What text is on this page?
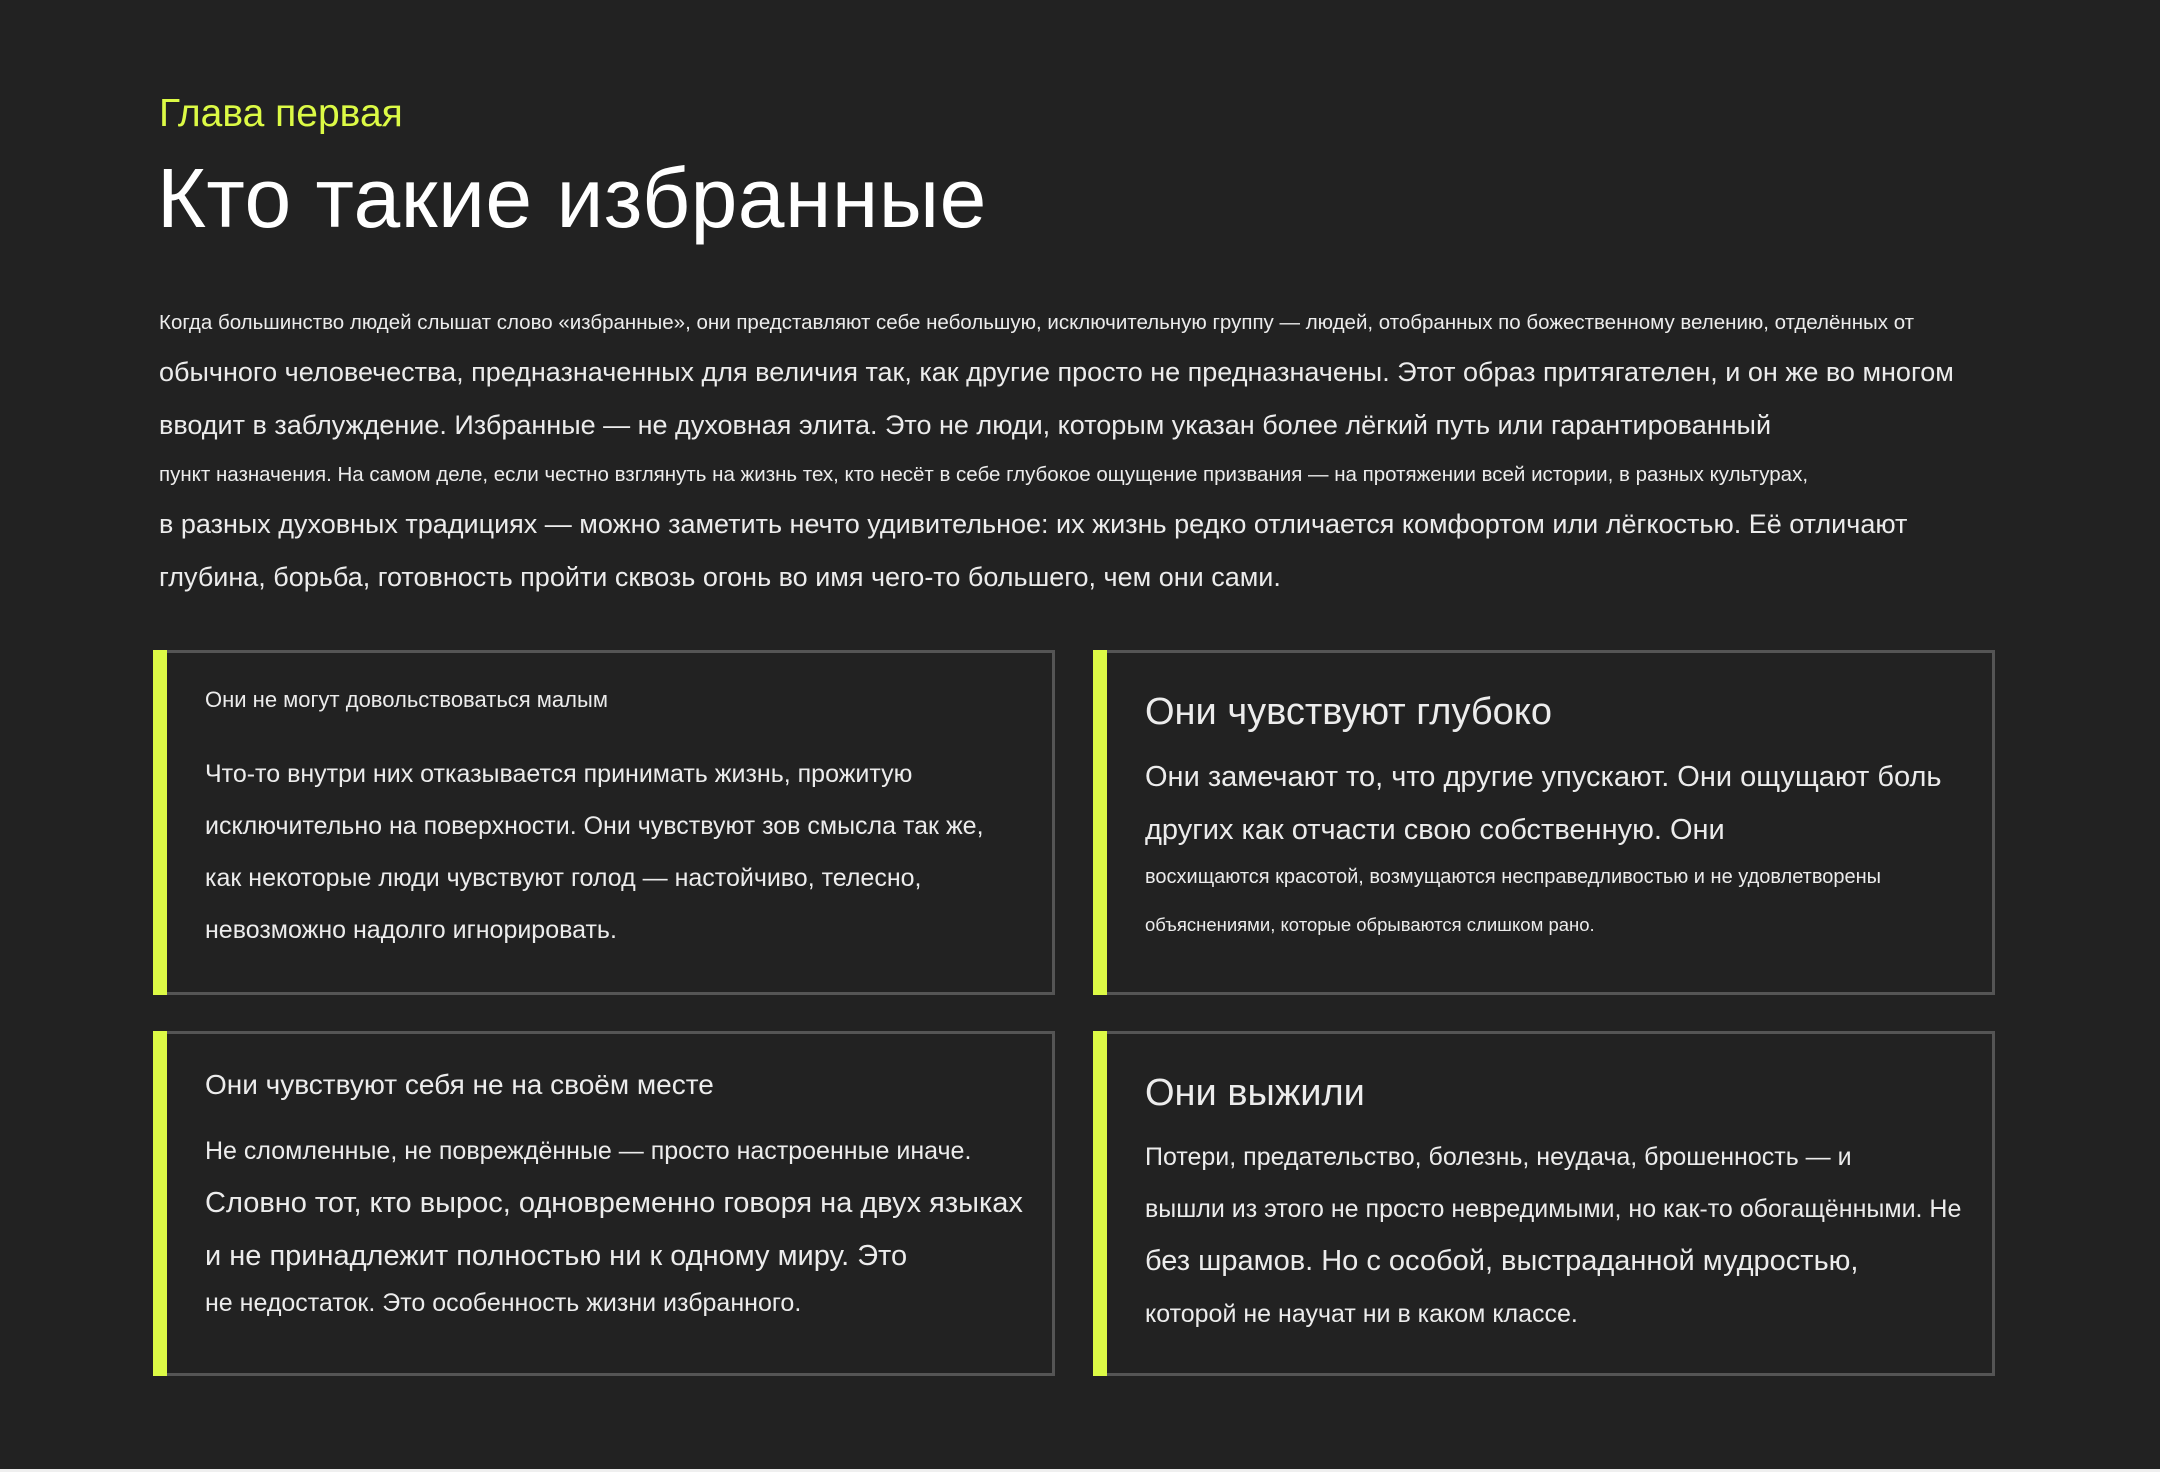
Глава первая
Кто такие избранные
Когда большинство людей слышат слово «избранные», они представляют себе небольшую, исключительную группу — людей, отобранных по божественному велению, отделённых от
обычного человечества, предназначенных для величия так, как другие просто не предназначены. Этот образ притягателен, и он же во многом
вводит в заблуждение. Избранные — не духовная элита. Это не люди, которым указан более лёгкий путь или гарантированный
пункт назначения. На самом деле, если честно взглянуть на жизнь тех, кто несёт в себе глубокое ощущение призвания — на протяжении всей истории, в разных культурах,
в разных духовных традициях — можно заметить нечто удивительное: их жизнь редко отличается комфортом или лёгкостью. Её отличают
глубина, борьба, готовность пройти сквозь огонь во имя чего-то большего, чем они сами.
Они не могут довольствоваться малым
Что-то внутри них отказывается принимать жизнь, прожитую
исключительно на поверхности. Они чувствуют зов смысла так же,
как некоторые люди чувствуют голод — настойчиво, телесно,
невозможно надолго игнорировать.
Они чувствуют глубоко
Они замечают то, что другие упускают. Они ощущают боль
других как отчасти свою собственную. Они
восхищаются красотой, возмущаются несправедливостью и не удовлетворены
объяснениями, которые обрываются слишком рано.
Они чувствуют себя не на своём месте
Не сломленные, не повреждённые — просто настроенные иначе.
Словно тот, кто вырос, одновременно говоря на двух языках
и не принадлежит полностью ни к одному миру. Это
не недостаток. Это особенность жизни избранного.
Они выжили
Потери, предательство, болезнь, неудача, брошенность — и
вышли из этого не просто невредимыми, но как-то обогащёнными. Не
без шрамов. Но с особой, выстраданной мудростью,
которой не научат ни в каком классе.
